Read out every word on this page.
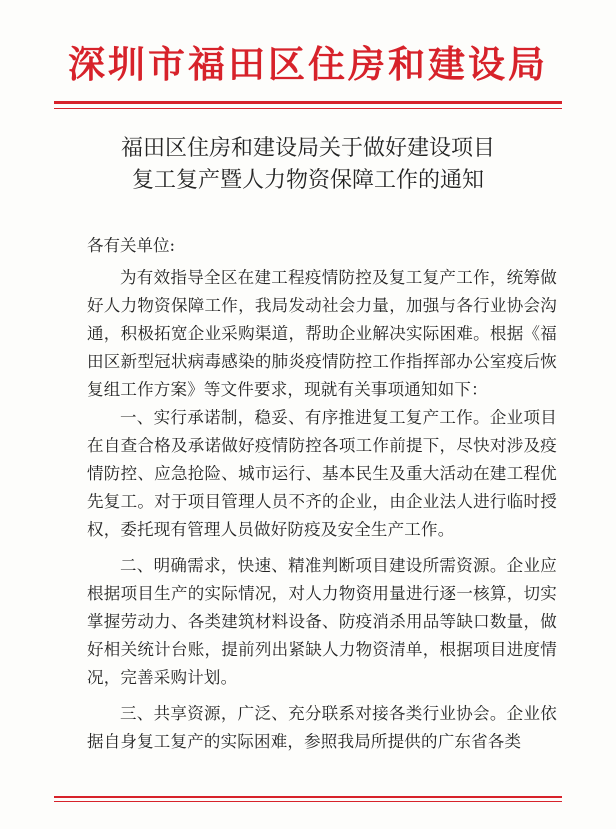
深圳市福田区住房和建设局
福田区住房和建设局关于做好建设项目
复工复产暨人力物资保障工作的通知

各有关单位:

为有效指导全区在建工程疫情防控及复工复产工作，统筹做好人力物资保障工作，我局发动社会力量，加强与各行业协会沟通，积极拓宽企业采购渠道，帮助企业解决实际困难。根据《福田区新型冠状病毒感染的肺炎疫情防控工作指挥部办公室疫后恢复组工作方案》等文件要求，现就有关事项通知如下：

一、实行承诺制，稳妥、有序推进复工复产工作。企业项目在自查合格及承诺做好疫情防控各项工作前提下，尽快对涉及疫情防控、应急抢险、城市运行、基本民生及重大活动在建工程优先复工。对于项目管理人员不齐的企业，由企业法人进行临时授权，委托现有管理人员做好防疫及安全生产工作。

二、明确需求，快速、精准判断项目建设所需资源。企业应根据项目生产的实际情况，对人力物资用量进行逐一核算，切实掌握劳动力、各类建筑材料设备、防疫消杀用品等缺口数量，做好相关统计台账，提前列出紧缺人力物资清单，根据项目进度情况，完善采购计划。

三、共享资源，广泛、充分联系对接各类行业协会。企业依据自身复工复产的实际困难，参照我局所提供的广东省各类
